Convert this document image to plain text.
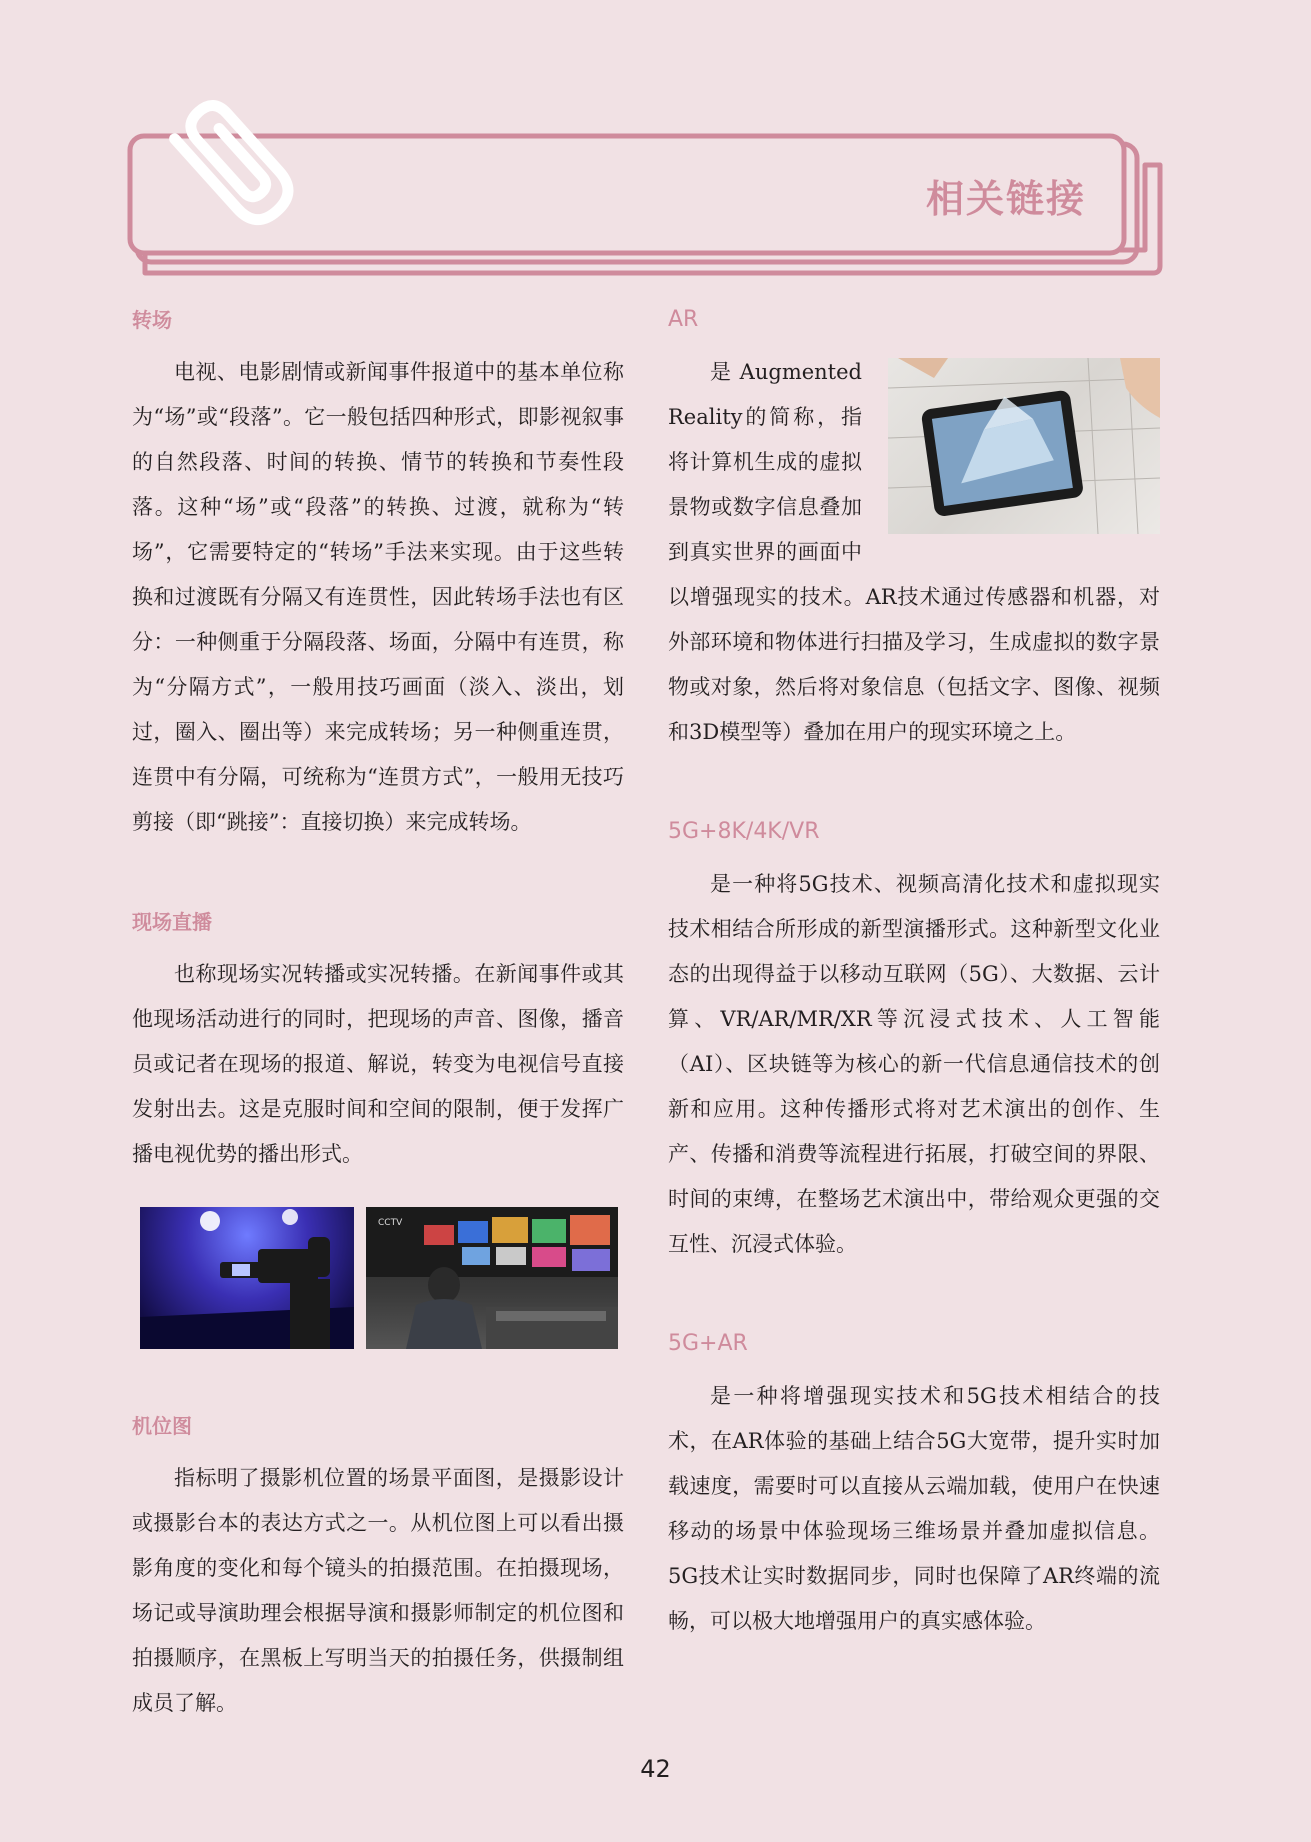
相关链接
转场

电视、电影剧情或新闻事件报道中的基本单位称为“场”或“段落”。它一般包括四种形式，即影视叙事的自然段落、时间的转换、情节的转换和节奏性段落。这种“场”或“段落”的转换、过渡，就称为“转场”，它需要特定的“转场”手法来实现。由于这些转换和过渡既有分隔又有连贯性，因此转场手法也有区分：一种侧重于分隔段落、场面，分隔中有连贯，称为“分隔方式”，一般用技巧画面（淡入、淡出，划过，圈入、圈出等）来完成转场；另一种侧重连贯，连贯中有分隔，可统称为“连贯方式”，一般用无技巧剪接（即“跳接”：直接切换）来完成转场。

现场直播

也称现场实况转播或实况转播。在新闻事件或其他现场活动进行的同时，把现场的声音、图像，播音员或记者在现场的报道、解说，转变为电视信号直接发射出去。这是克服时间和空间的限制，便于发挥广播电视优势的播出形式。

CCTV
机位图

指标明了摄影机位置的场景平面图，是摄影设计或摄影台本的表达方式之一。从机位图上可以看出摄影角度的变化和每个镜头的拍摄范围。在拍摄现场，场记或导演助理会根据导演和摄影师制定的机位图和拍摄顺序，在黑板上写明当天的拍摄任务，供摄制组成员了解。

AR

是Augmented Reality的简称，指将计算机生成的虚拟景物或数字信息叠加到真实世界的画面中以增强现实的技术。AR技术通过传感器和机器，对外部环境和物体进行扫描及学习，生成虚拟的数字景物或对象，然后将对象信息（包括文字、图像、视频和3D模型等）叠加在用户的现实环境之上。

5G+8K/4K/VR

是一种将5G技术、视频高清化技术和虚拟现实技术相结合所形成的新型演播形式。这种新型文化业态的出现得益于以移动互联网（5G）、大数据、云计算、VR/AR/MR/XR等沉浸式技术、人工智能（AI）、区块链等为核心的新一代信息通信技术的创新和应用。这种传播形式将对艺术演出的创作、生产、传播和消费等流程进行拓展，打破空间的界限、时间的束缚，在整场艺术演出中，带给观众更强的交互性、沉浸式体验。

5G+AR

是一种将增强现实技术和5G技术相结合的技术，在AR体验的基础上结合5G大宽带，提升实时加载速度，需要时可以直接从云端加载，使用户在快速移动的场景中体验现场三维场景并叠加虚拟信息。5G技术让实时数据同步，同时也保障了AR终端的流畅，可以极大地增强用户的真实感体验。

42
